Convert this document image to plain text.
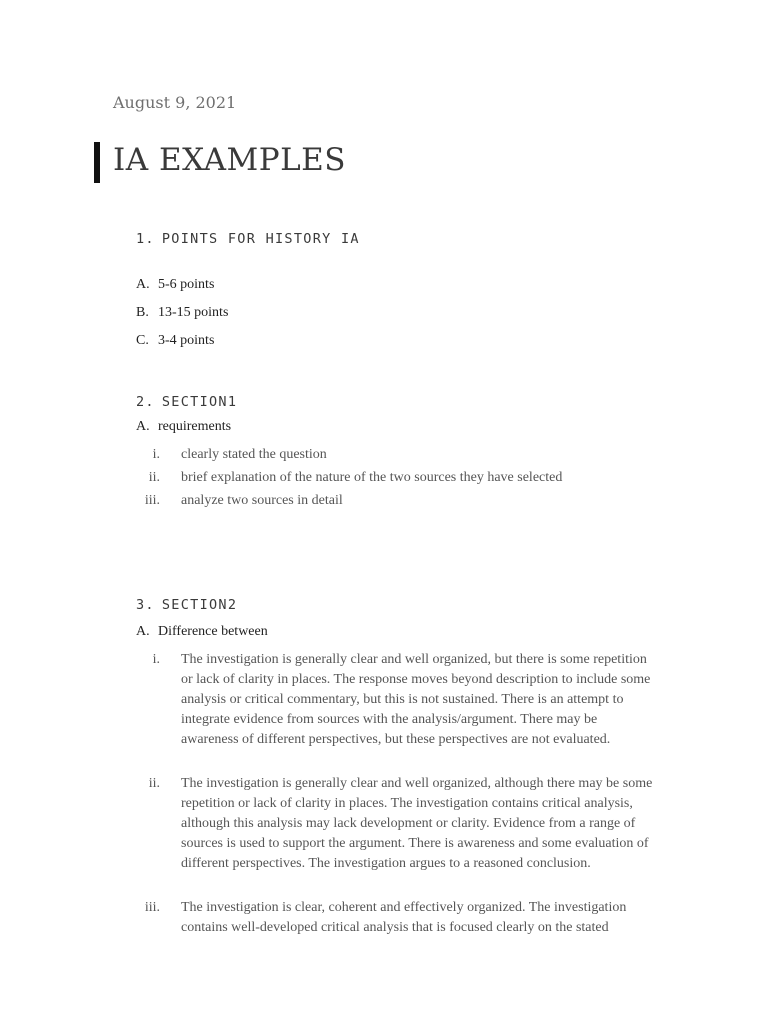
August 9, 2021
IA EXAMPLES
1. POINTS FOR HISTORY IA
A. 5-6 points
B. 13-15 points
C. 3-4 points
2. SECTION1
A. requirements
i. clearly stated the question
ii. brief explanation of the nature of the two sources they have selected
iii. analyze two sources in detail
3. SECTION2
A. Difference between
i. The investigation is generally clear and well organized, but there is some repetition or lack of clarity in places. The response moves beyond description to include some analysis or critical commentary, but this is not sustained. There is an attempt to integrate evidence from sources with the analysis/argument. There may be awareness of different perspectives, but these perspectives are not evaluated.
ii. The investigation is generally clear and well organized, although there may be some repetition or lack of clarity in places. The investigation contains critical analysis, although this analysis may lack development or clarity. Evidence from a range of sources is used to support the argument. There is awareness and some evaluation of different perspectives. The investigation argues to a reasoned conclusion.
iii. The investigation is clear, coherent and effectively organized. The investigation contains well-developed critical analysis that is focused clearly on the stated
